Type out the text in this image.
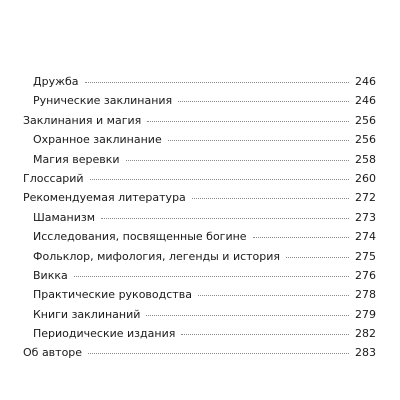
Дружба	246
Рунические заклинания	246
Заклинания и магия	256
Охранное заклинание	256
Магия веревки	258
Глоссарий	260
Рекомендуемая литература	272
Шаманизм	273
Исследования, посвященные богине	274
Фольклор, мифология, легенды и история	275
Викка	276
Практические руководства	278
Книги заклинаний	279
Периодические издания	282
Об авторе	283
